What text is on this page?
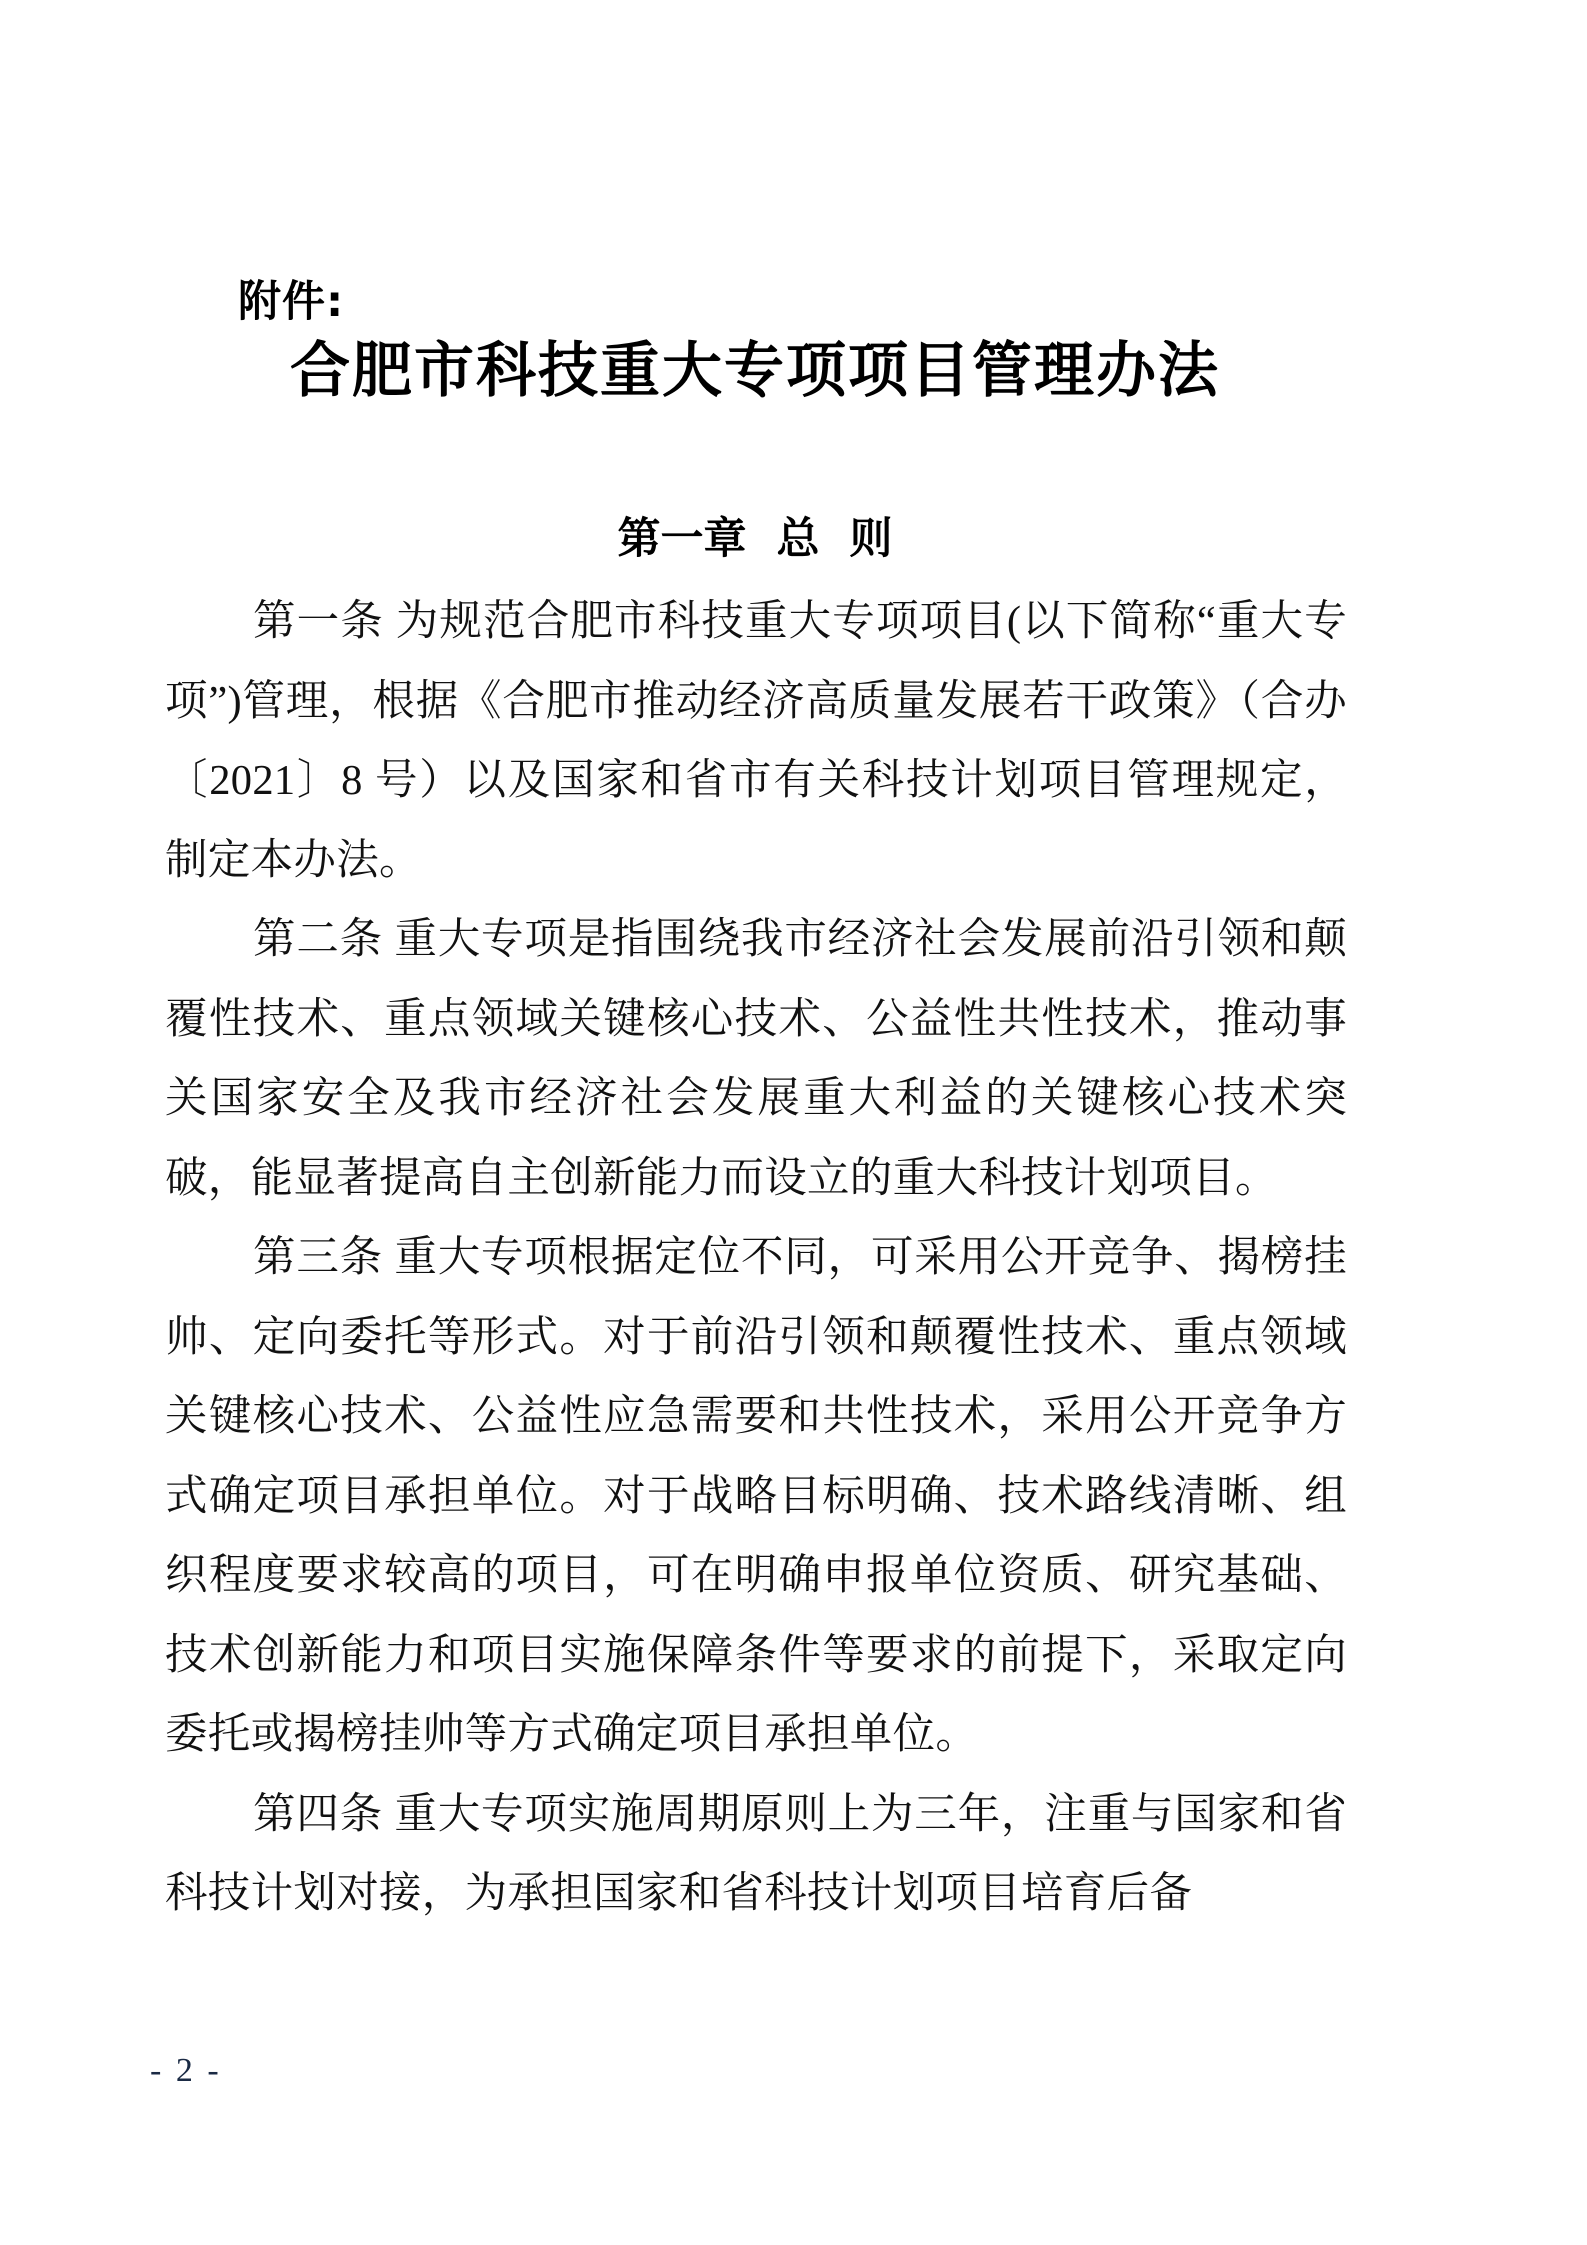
附件:
合肥市科技重大专项项目管理办法
第一章  总  则

第一条 为规范合肥市科技重大专项项目(以下简称“重大专项”)管理，根据《合肥市推动经济高质量发展若干政策》（合办〔2021〕8 号）以及国家和省市有关科技计划项目管理规定，制定本办法。

第二条 重大专项是指围绕我市经济社会发展前沿引领和颠覆性技术、重点领域关键核心技术、公益性共性技术，推动事关国家安全及我市经济社会发展重大利益的关键核心技术突破，能显著提高自主创新能力而设立的重大科技计划项目。

第三条 重大专项根据定位不同，可采用公开竞争、揭榜挂帅、定向委托等形式。对于前沿引领和颠覆性技术、重点领域关键核心技术、公益性应急需要和共性技术，采用公开竞争方式确定项目承担单位。对于战略目标明确、技术路线清晰、组织程度要求较高的项目，可在明确申报单位资质、研究基础、技术创新能力和项目实施保障条件等要求的前提下，采取定向委托或揭榜挂帅等方式确定项目承担单位。

第四条 重大专项实施周期原则上为三年，注重与国家和省科技计划对接，为承担国家和省科技计划项目培育后备

- 2 -
